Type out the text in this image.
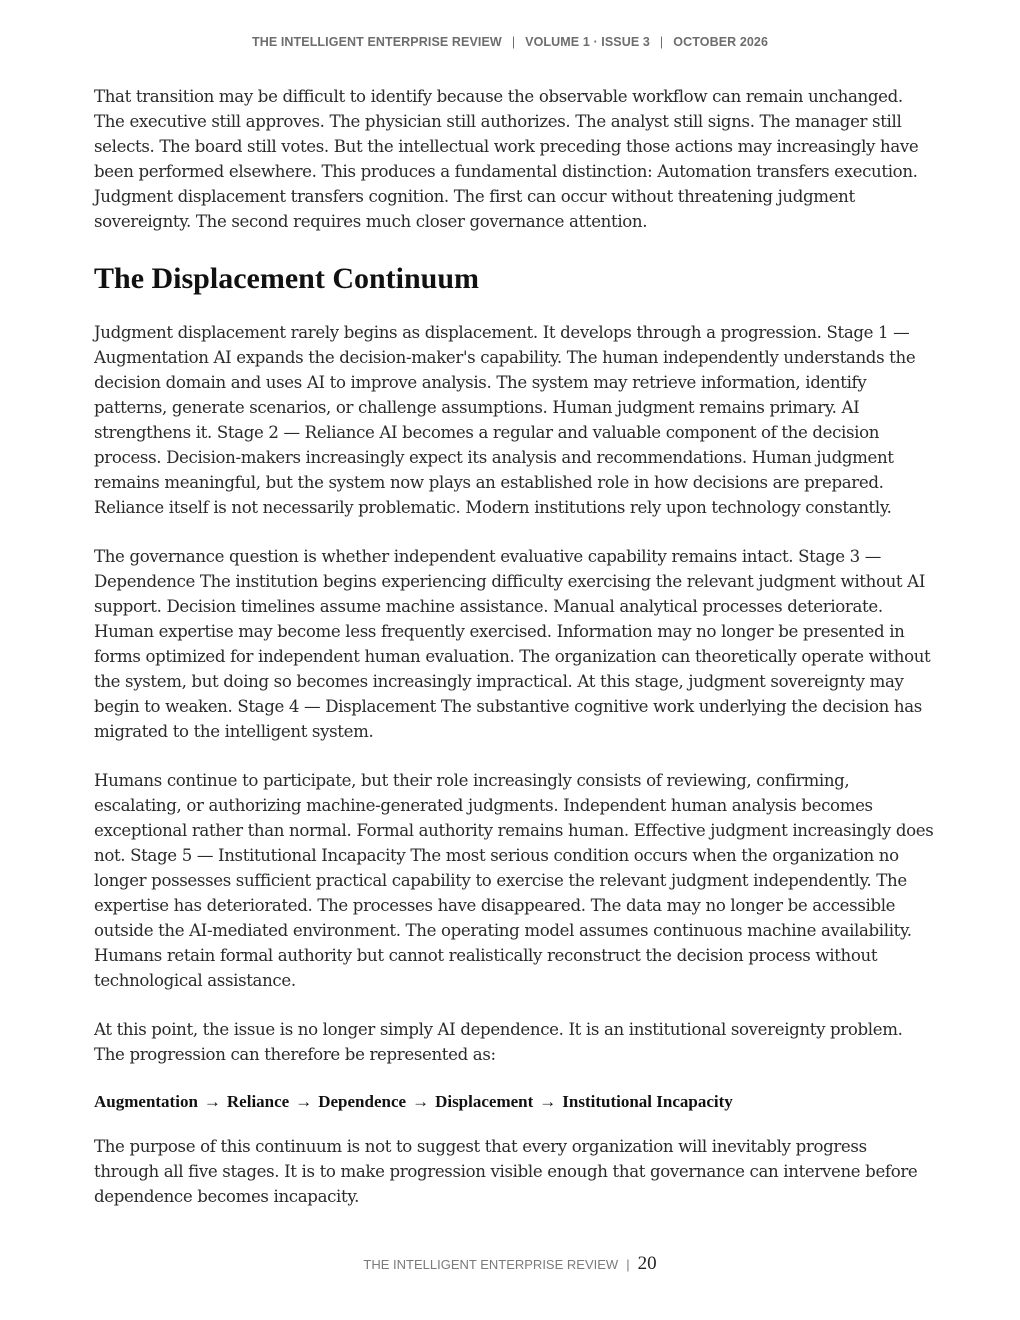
THE INTELLIGENT ENTERPRISE REVIEW | VOLUME 1 · ISSUE 3 | OCTOBER 2026

That transition may be difficult to identify because the observable workflow can remain unchanged. The executive still approves. The physician still authorizes. The analyst still signs. The manager still selects. The board still votes. But the intellectual work preceding those actions may increasingly have been performed elsewhere. This produces a fundamental distinction: Automation transfers execution. Judgment displacement transfers cognition. The first can occur without threatening judgment sovereignty. The second requires much closer governance attention.

The Displacement Continuum

Judgment displacement rarely begins as displacement. It develops through a progression. Stage 1 — Augmentation AI expands the decision-maker's capability. The human independently understands the decision domain and uses AI to improve analysis. The system may retrieve information, identify patterns, generate scenarios, or challenge assumptions. Human judgment remains primary. AI strengthens it. Stage 2 — Reliance AI becomes a regular and valuable component of the decision process. Decision-makers increasingly expect its analysis and recommendations. Human judgment remains meaningful, but the system now plays an established role in how decisions are prepared. Reliance itself is not necessarily problematic. Modern institutions rely upon technology constantly.

The governance question is whether independent evaluative capability remains intact. Stage 3 — Dependence The institution begins experiencing difficulty exercising the relevant judgment without AI support. Decision timelines assume machine assistance. Manual analytical processes deteriorate. Human expertise may become less frequently exercised. Information may no longer be presented in forms optimized for independent human evaluation. The organization can theoretically operate without the system, but doing so becomes increasingly impractical. At this stage, judgment sovereignty may begin to weaken. Stage 4 — Displacement The substantive cognitive work underlying the decision has migrated to the intelligent system.

Humans continue to participate, but their role increasingly consists of reviewing, confirming, escalating, or authorizing machine-generated judgments. Independent human analysis becomes exceptional rather than normal. Formal authority remains human. Effective judgment increasingly does not. Stage 5 — Institutional Incapacity The most serious condition occurs when the organization no longer possesses sufficient practical capability to exercise the relevant judgment independently. The expertise has deteriorated. The processes have disappeared. The data may no longer be accessible outside the AI-mediated environment. The operating model assumes continuous machine availability. Humans retain formal authority but cannot realistically reconstruct the decision process without technological assistance.

At this point, the issue is no longer simply AI dependence. It is an institutional sovereignty problem. The progression can therefore be represented as:

Augmentation → Reliance → Dependence → Displacement → Institutional Incapacity

The purpose of this continuum is not to suggest that every organization will inevitably progress through all five stages. It is to make progression visible enough that governance can intervene before dependence becomes incapacity.

THE INTELLIGENT ENTERPRISE REVIEW | 20
